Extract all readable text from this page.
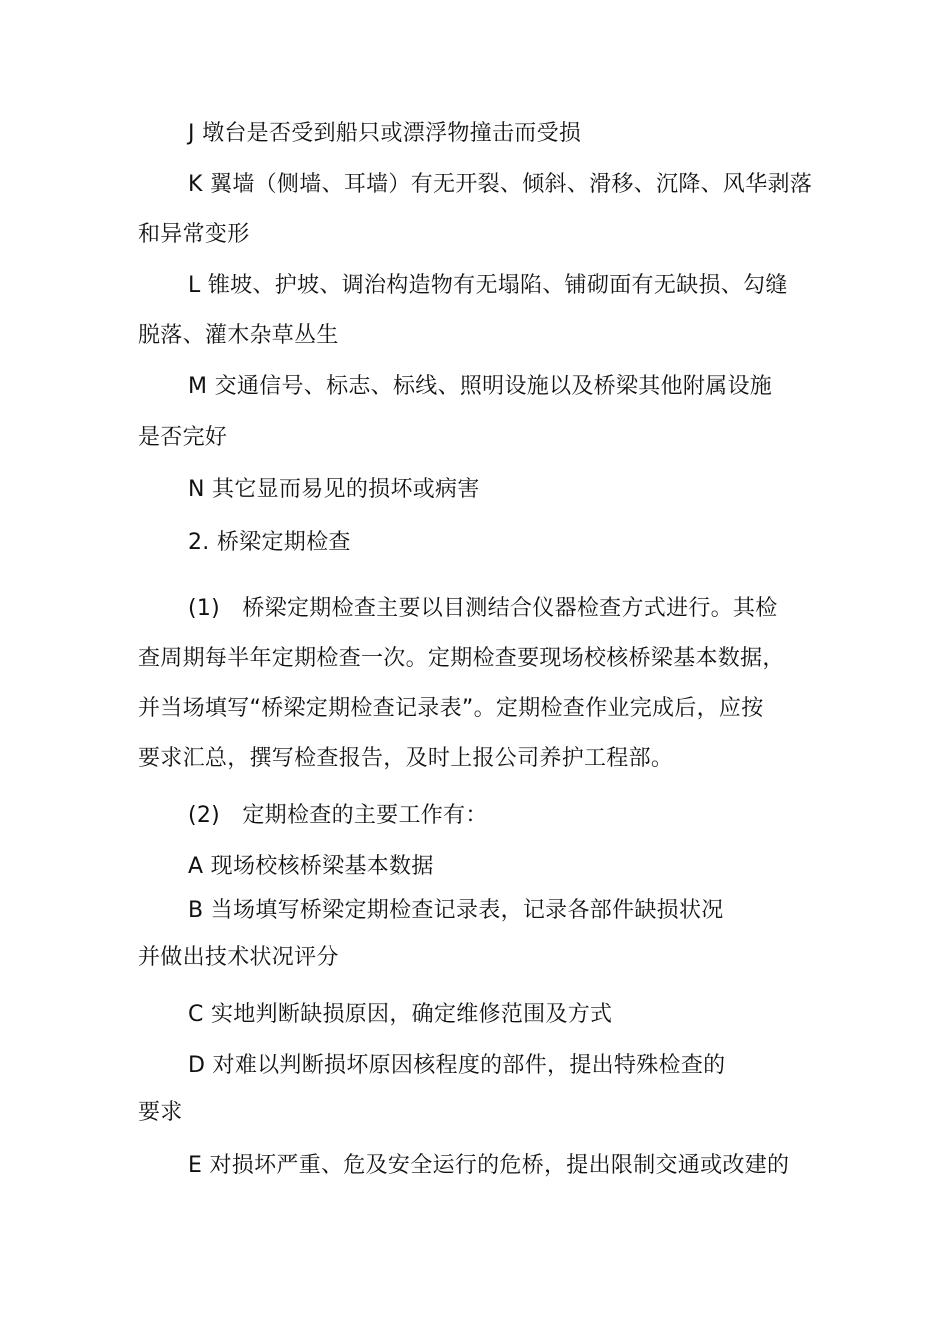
J 墩台是否受到船只或漂浮物撞击而受损
K 翼墙（侧墙、耳墙）有无开裂、倾斜、滑移、沉降、风华剥落
和异常变形
L 锥坡、护坡、调治构造物有无塌陷、铺砌面有无缺损、勾缝
脱落、灌木杂草丛生
M 交通信号、标志、标线、照明设施以及桥梁其他附属设施
是否完好
N 其它显而易见的损坏或病害
2. 桥梁定期检查
(1)　桥梁定期检查主要以目测结合仪器检查方式进行。其检
查周期每半年定期检查一次。定期检查要现场校核桥梁基本数据，
并当场填写“桥梁定期检查记录表”。定期检查作业完成后，应按
要求汇总，撰写检查报告，及时上报公司养护工程部。
(2)　定期检查的主要工作有：
A 现场校核桥梁基本数据
B 当场填写桥梁定期检查记录表，记录各部件缺损状况
并做出技术状况评分
C 实地判断缺损原因，确定维修范围及方式
D 对难以判断损坏原因核程度的部件，提出特殊检查的
要求
E 对损坏严重、危及安全运行的危桥，提出限制交通或改建的
